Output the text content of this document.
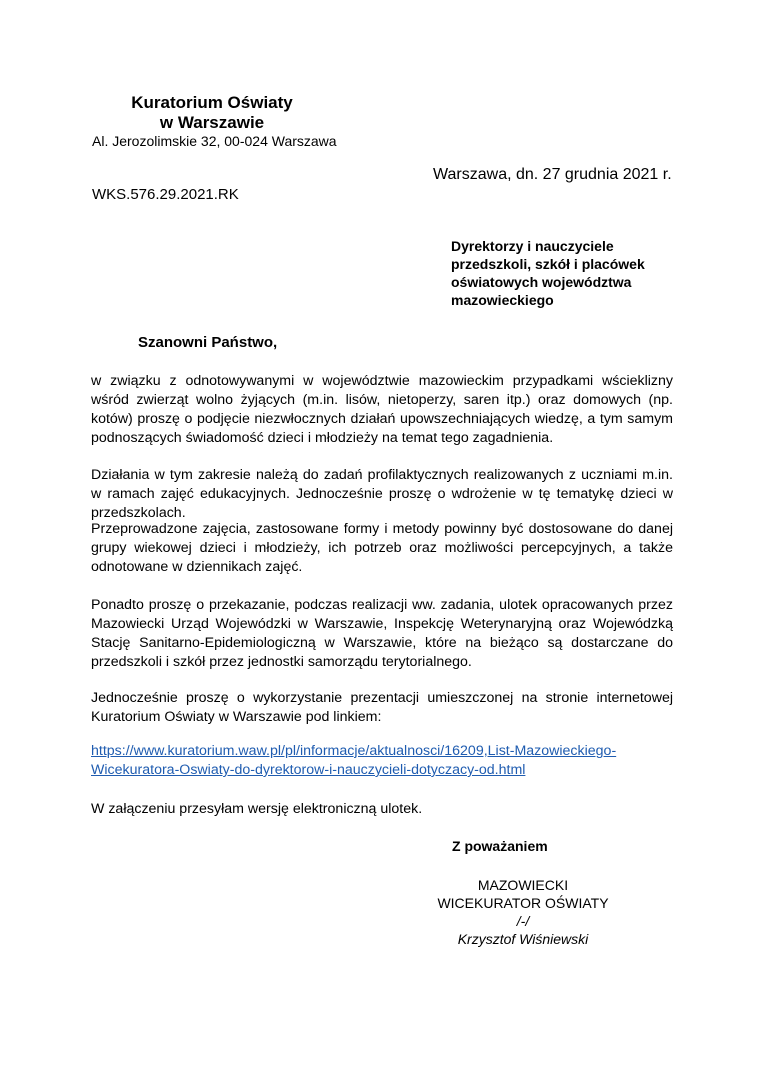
Kuratorium Oświaty
w Warszawie
Al. Jerozolimskie 32, 00-024 Warszawa
Warszawa, dn. 27 grudnia 2021 r.
WKS.576.29.2021.RK
Dyrektorzy i nauczyciele
przedszkoli, szkół i placówek
oświatowych województwa
mazowieckiego
Szanowni Państwo,

w związku z odnotowywanymi w województwie mazowieckim przypadkami wścieklizny wśród zwierząt wolno żyjących (m.in. lisów, nietoperzy, saren itp.) oraz domowych (np. kotów) proszę o podjęcie niezwłocznych działań upowszechniających wiedzę, a tym samym podnoszących świadomość dzieci i młodzieży na temat tego zagadnienia.

Działania w tym zakresie należą do zadań profilaktycznych realizowanych z uczniami m.in. w ramach zajęć edukacyjnych. Jednocześnie proszę o wdrożenie w tę tematykę dzieci w przedszkolach.

Przeprowadzone zajęcia, zastosowane formy i metody powinny być dostosowane do danej grupy wiekowej dzieci i młodzieży, ich potrzeb oraz możliwości percepcyjnych, a także odnotowane w dziennikach zajęć.

Ponadto proszę o przekazanie, podczas realizacji ww. zadania, ulotek opracowanych przez Mazowiecki Urząd Wojewódzki w Warszawie, Inspekcję Weterynaryjną oraz Wojewódzką Stację Sanitarno-Epidemiologiczną w Warszawie, które na bieżąco są dostarczane do przedszkoli i szkół przez jednostki samorządu terytorialnego.

Jednocześnie proszę o wykorzystanie prezentacji umieszczonej na stronie internetowej Kuratorium Oświaty w Warszawie pod linkiem:

https://www.kuratorium.waw.pl/pl/informacje/aktualnosci/16209,List-Mazowieckiego-
Wicekuratora-Oswiaty-do-dyrektorow-i-nauczycieli-dotyczacy-od.html

W załączeniu przesyłam wersję elektroniczną ulotek.

Z poważaniem
MAZOWIECKI
WICEKURATOR OŚWIATY
/-/
Krzysztof Wiśniewski
